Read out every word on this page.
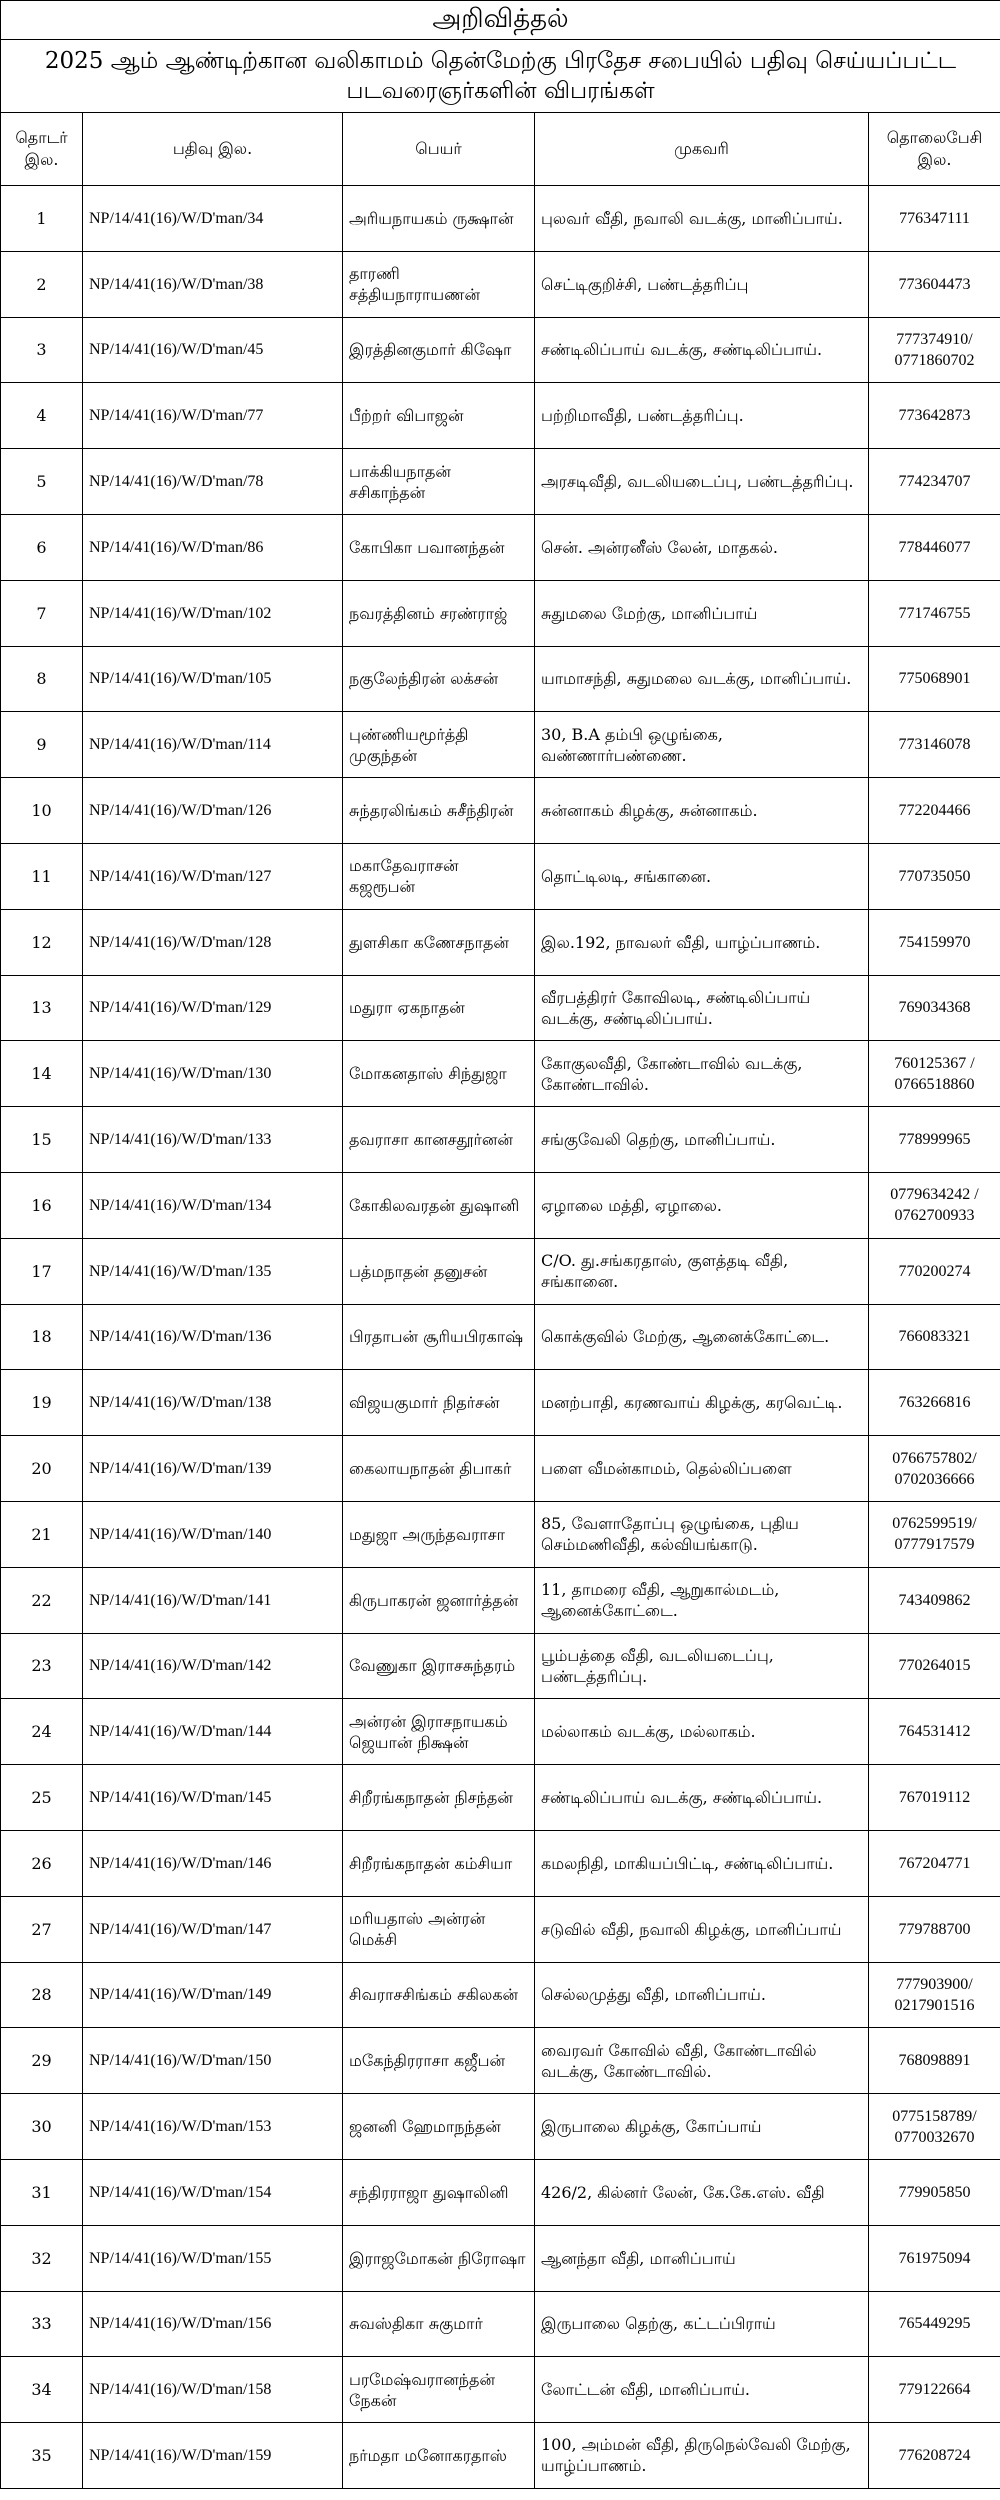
அறிவித்தல்				
2025 ஆம் ஆண்டிற்கான வலிகாமம் தென்மேற்கு பிரதேச சபையில் பதிவு செய்யப்பட்ட படவரைஞர்களின் விபரங்கள்				
தொடர் இல.	பதிவு இல.	பெயர்	முகவரி	தொலைபேசி இல.
1	NP/14/41(16)/W/D'man/34	அரியநாயகம் ருக்ஷான்	புலவர் வீதி, நவாலி வடக்கு, மானிப்பாய்.	776347111
2	NP/14/41(16)/W/D'man/38	தாரணி சத்தியநாராயணன்	செட்டிகுறிச்சி, பண்டத்தரிப்பு	773604473
3	NP/14/41(16)/W/D'man/45	இரத்தினகுமார் கிஷோ	சண்டிலிப்பாய் வடக்கு, சண்டிலிப்பாய்.	777374910/ 0771860702
4	NP/14/41(16)/W/D'man/77	பீற்றர் விபாஜன்	பற்றிமாவீதி, பண்டத்தரிப்பு.	773642873
5	NP/14/41(16)/W/D'man/78	பாக்கியநாதன் சசிகாந்தன்	அரசடிவீதி, வடலியடைப்பு, பண்டத்தரிப்பு.	774234707
6	NP/14/41(16)/W/D'man/86	கோபிகா பவானந்தன்	சென். அன்ரனீஸ் லேன், மாதகல்.	778446077
7	NP/14/41(16)/W/D'man/102	நவரத்தினம் சரண்ராஜ்	சுதுமலை மேற்கு, மானிப்பாய்	771746755
8	NP/14/41(16)/W/D'man/105	நகுலேந்திரன் லக்சன்	யாமாசந்தி, சுதுமலை வடக்கு, மானிப்பாய்.	775068901
9	NP/14/41(16)/W/D'man/114	புண்ணியமூர்த்தி முகுந்தன்	30, B.A தம்பி ஒழுங்கை, வண்ணார்பண்ணை.	773146078
10	NP/14/41(16)/W/D'man/126	சுந்தரலிங்கம் சுசீந்திரன்	சுன்னாகம் கிழக்கு, சுன்னாகம்.	772204466
11	NP/14/41(16)/W/D'man/127	மகாதேவராசன் கஜரூபன்	தொட்டிலடி, சங்கானை.	770735050
12	NP/14/41(16)/W/D'man/128	துளசிகா கணேசநாதன்	இல.192, நாவலர் வீதி, யாழ்ப்பாணம்.	754159970
13	NP/14/41(16)/W/D'man/129	மதுரா ஏகநாதன்	வீரபத்திரர் கோவிலடி, சண்டிலிப்பாய் வடக்கு, சண்டிலிப்பாய்.	769034368
14	NP/14/41(16)/W/D'man/130	மோகனதாஸ் சிந்துஜா	கோகுலவீதி, கோண்டாவில் வடக்கு, கோண்டாவில்.	760125367 / 0766518860
15	NP/14/41(16)/W/D'man/133	தவராசா கானசதூர்னன்	சங்குவேலி தெற்கு, மானிப்பாய்.	778999965
16	NP/14/41(16)/W/D'man/134	கோகிலவரதன் துஷானி	ஏழாலை மத்தி, ஏழாலை.	0779634242 / 0762700933
17	NP/14/41(16)/W/D'man/135	பத்மநாதன் தனுசன்	C/O. து.சங்கரதாஸ், குளத்தடி வீதி, சங்கானை.	770200274
18	NP/14/41(16)/W/D'man/136	பிரதாபன் சூரியபிரகாஷ்	கொக்குவில் மேற்கு, ஆனைக்கோட்டை.	766083321
19	NP/14/41(16)/W/D'man/138	விஜயகுமார் நிதர்சன்	மனற்பாதி, கரணவாய் கிழக்கு, கரவெட்டி.	763266816
20	NP/14/41(16)/W/D'man/139	கைலாயநாதன் திபாகர்	பளை வீமன்காமம், தெல்லிப்பளை	0766757802/ 0702036666
21	NP/14/41(16)/W/D'man/140	மதுஜா அருந்தவராசா	85, வேளாதோப்பு ஒழுங்கை, புதிய செம்மணிவீதி, கல்வியங்காடு.	0762599519/ 0777917579
22	NP/14/41(16)/W/D'man/141	கிருபாகரன் ஜனார்த்தன்	11, தாமரை வீதி, ஆறுகால்மடம், ஆனைக்கோட்டை.	743409862
23	NP/14/41(16)/W/D'man/142	வேணுகா இராசசுந்தரம்	பூம்பத்தை வீதி, வடலியடைப்பு, பண்டத்தரிப்பு.	770264015
24	NP/14/41(16)/W/D'man/144	அன்ரன் இராசநாயகம் ஜெயான் நிக்ஷன்	மல்லாகம் வடக்கு, மல்லாகம்.	764531412
25	NP/14/41(16)/W/D'man/145	சிறீரங்கநாதன் நிசந்தன்	சண்டிலிப்பாய் வடக்கு, சண்டிலிப்பாய்.	767019112
26	NP/14/41(16)/W/D'man/146	சிறீரங்கநாதன் கம்சியா	கமலநிதி, மாகியப்பிட்டி, சண்டிலிப்பாய்.	767204771
27	NP/14/41(16)/W/D'man/147	மரியதாஸ் அன்ரன் மெக்சி	சடுவில் வீதி, நவாலி கிழக்கு, மானிப்பாய்	779788700
28	NP/14/41(16)/W/D'man/149	சிவராசசிங்கம் சகிலகன்	செல்லமுத்து வீதி, மானிப்பாய்.	777903900/ 0217901516
29	NP/14/41(16)/W/D'man/150	மகேந்திரராசா கஜீபன்	வைரவர் கோவில் வீதி, கோண்டாவில் வடக்கு, கோண்டாவில்.	768098891
30	NP/14/41(16)/W/D'man/153	ஜனனி ஹேமாநந்தன்	இருபாலை கிழக்கு, கோப்பாய்	0775158789/ 0770032670
31	NP/14/41(16)/W/D'man/154	சந்திரராஜா துஷாலினி	426/2, கில்னர் லேன், கே.கே.எஸ். வீதி	779905850
32	NP/14/41(16)/W/D'man/155	இராஜமோகன் நிரோஷா	ஆனந்தா வீதி, மானிப்பாய்	761975094
33	NP/14/41(16)/W/D'man/156	சுவஸ்திகா சுகுமார்	இருபாலை தெற்கு, கட்டப்பிராய்	765449295
34	NP/14/41(16)/W/D'man/158	பரமேஷ்வரானந்தன் நேகன்	லோட்டன் வீதி, மானிப்பாய்.	779122664
35	NP/14/41(16)/W/D'man/159	நர்மதா மனோகரதாஸ்	100, அம்மன் வீதி, திருநெல்வேலி மேற்கு, யாழ்ப்பாணம்.	776208724
